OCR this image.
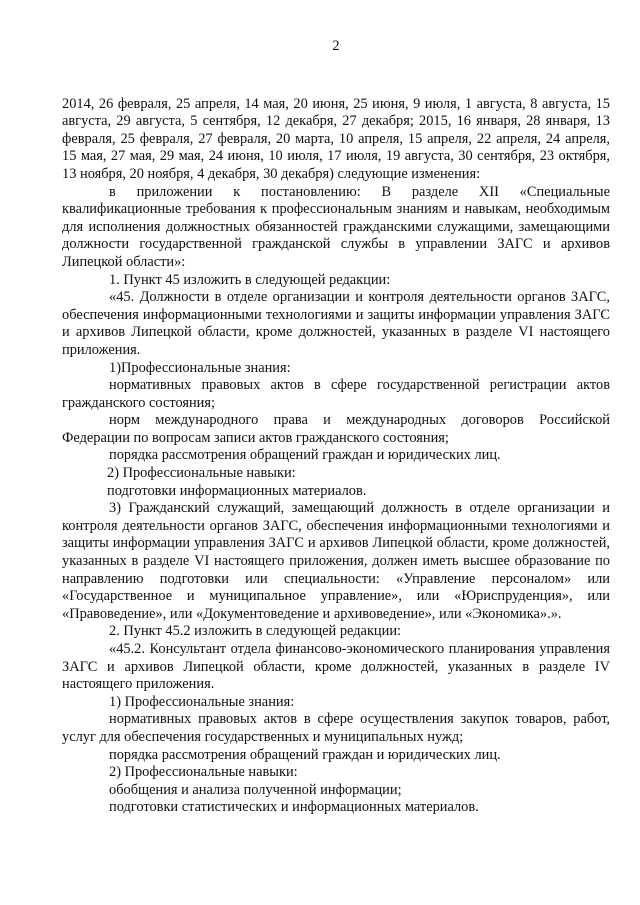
2

2014, 26 февраля, 25 апреля, 14 мая, 20 июня, 25 июня, 9 июля, 1 августа, 8 августа, 15 августа, 29 августа, 5 сентября, 12 декабря, 27 декабря; 2015, 16 января, 28 января, 13 февраля, 25 февраля, 27 февраля, 20 марта, 10 апреля, 15 апреля, 22 апреля, 24 апреля, 15 мая, 27 мая, 29 мая, 24 июня, 10 июля, 17 июля, 19 августа, 30 сентября, 23 октября, 13 ноября, 20 ноября, 4 декабря, 30 декабря) следующие изменения:

в приложении к постановлению: В разделе XII «Специальные квалификационные требования к профессиональным знаниям и навыкам, необходимым для исполнения должностных обязанностей гражданскими служащими, замещающими должности государственной гражданской службы в управлении ЗАГС и архивов Липецкой области»:

1. Пункт 45 изложить в следующей редакции:

«45. Должности в отделе организации и контроля деятельности органов ЗАГС, обеспечения информационными технологиями и защиты информации управления ЗАГС и архивов Липецкой области, кроме должностей, указанных в разделе VI настоящего приложения.

1)Профессиональные знания:

нормативных правовых актов в сфере государственной регистрации актов гражданского состояния;

норм международного права и международных договоров Российской Федерации по вопросам записи актов гражданского состояния;

порядка рассмотрения обращений граждан и юридических лиц.

2) Профессиональные навыки:

подготовки информационных материалов.

3) Гражданский служащий, замещающий должность в отделе организации и контроля деятельности органов ЗАГС, обеспечения информационными технологиями и защиты информации управления ЗАГС и архивов Липецкой области, кроме должностей, указанных в разделе VI настоящего приложения, должен иметь высшее образование по направлению подготовки или специальности: «Управление персоналом» или «Государственное и муниципальное управление», или «Юриспруденция», или «Правоведение», или «Документоведение и архивоведение», или «Экономика».».

2. Пункт 45.2 изложить в следующей редакции:

«45.2. Консультант отдела финансово-экономического планирования управления ЗАГС и архивов Липецкой области, кроме должностей, указанных в разделе IV настоящего приложения.

1) Профессиональные знания:

нормативных правовых актов в сфере осуществления закупок товаров, работ, услуг для обеспечения государственных и муниципальных нужд;

порядка рассмотрения обращений граждан и юридических лиц.

2) Профессиональные навыки:

обобщения и анализа полученной информации;

подготовки статистических и информационных материалов.
